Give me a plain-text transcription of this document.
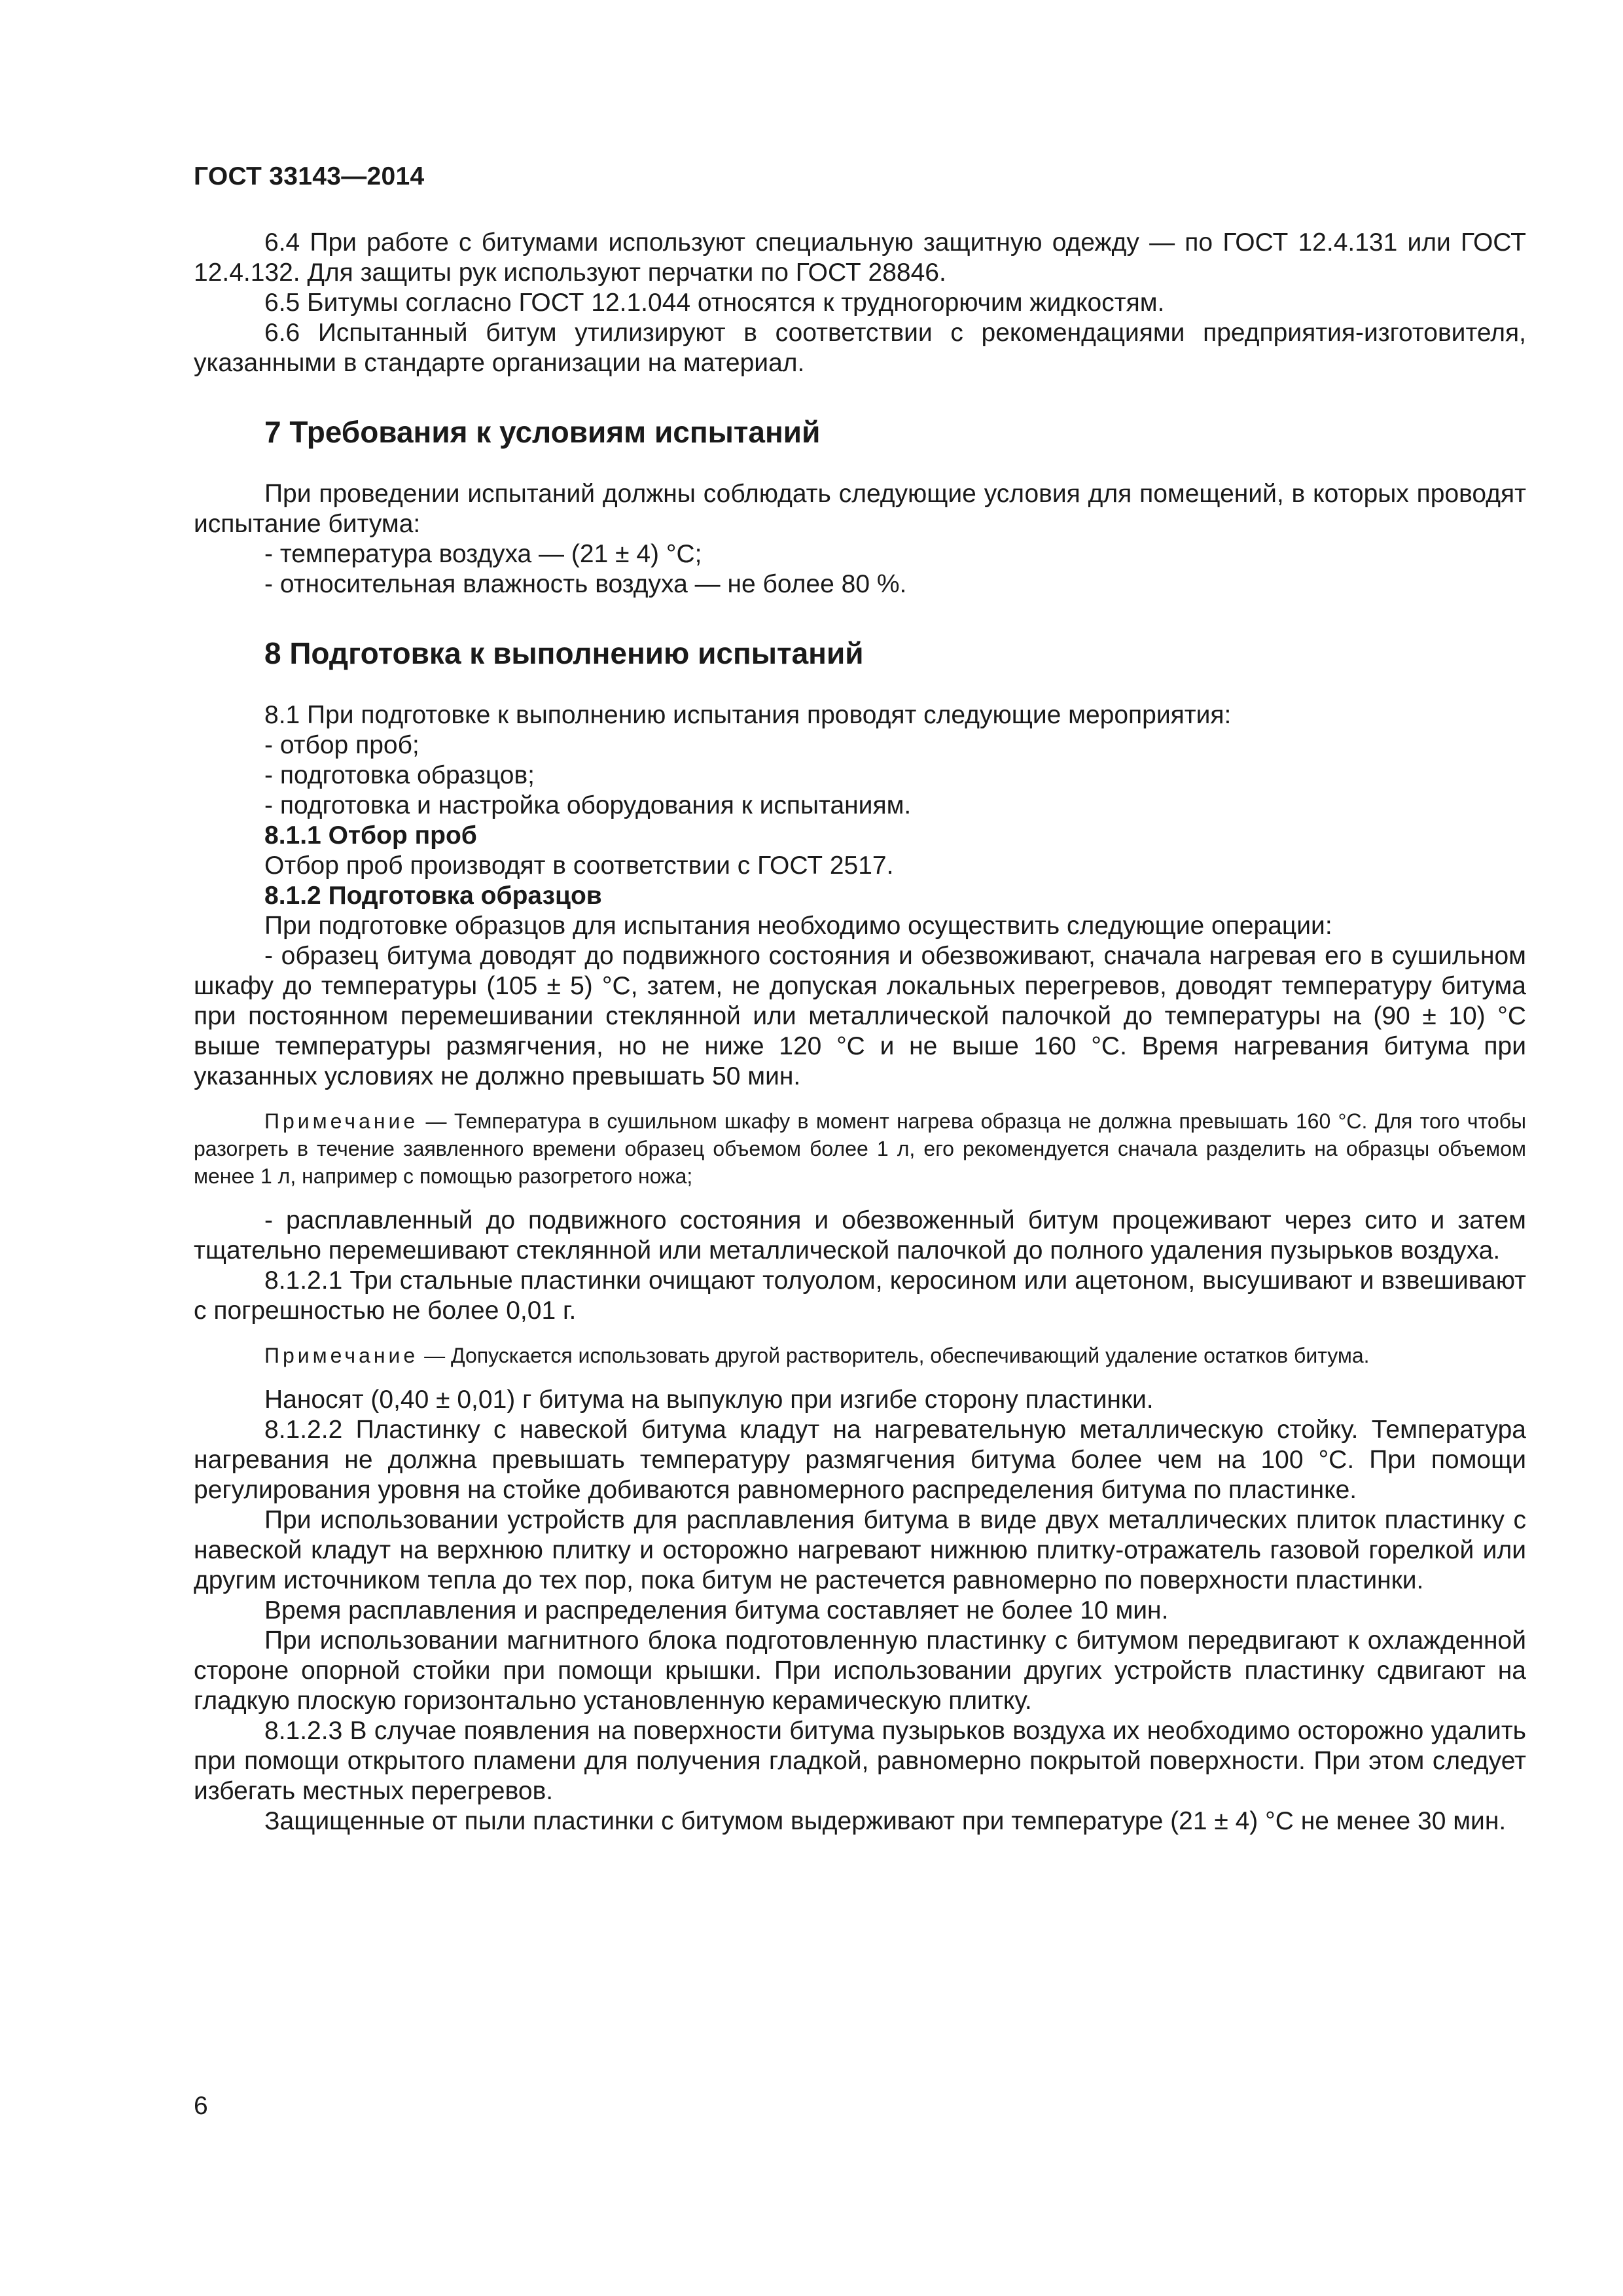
ГОСТ 33143—2014

6.4 При работе с битумами используют специальную защитную одежду — по ГОСТ 12.4.131 или ГОСТ 12.4.132. Для защиты рук используют перчатки по ГОСТ 28846.

6.5 Битумы согласно ГОСТ 12.1.044 относятся к трудногорючим жидкостям.

6.6 Испытанный битум утилизируют в соответствии с рекомендациями предприятия-изготовителя, указанными в стандарте организации на материал.

7 Требования к условиям испытаний

При проведении испытаний должны соблюдать следующие условия для помещений, в которых проводят испытание битума:

- температура воздуха — (21 ± 4) °С;

- относительная влажность воздуха — не более 80 %.

8 Подготовка к выполнению испытаний

8.1 При подготовке к выполнению испытания проводят следующие мероприятия:

- отбор проб;

- подготовка образцов;

- подготовка и настройка оборудования к испытаниям.

8.1.1 Отбор проб

Отбор проб производят в соответствии с ГОСТ 2517.

8.1.2 Подготовка образцов

При подготовке образцов для испытания необходимо осуществить следующие операции:

- образец битума доводят до подвижного состояния и обезвоживают, сначала нагревая его в сушильном шкафу до температуры (105 ± 5) °С, затем, не допуская локальных перегревов, доводят температуру битума при постоянном перемешивании стеклянной или металлической палочкой до температуры на (90 ± 10) °С выше температуры размягчения, но не ниже 120 °С и не выше 160 °С. Время нагревания битума при указанных условиях не должно превышать 50 мин.

Примечание — Температура в сушильном шкафу в момент нагрева образца не должна превышать 160 °С. Для того чтобы разогреть в течение заявленного времени образец объемом более 1 л, его рекомендуется сначала разделить на образцы объемом менее 1 л, например с помощью разогретого ножа;

- расплавленный до подвижного состояния и обезвоженный битум процеживают через сито и затем тщательно перемешивают стеклянной или металлической палочкой до полного удаления пузырьков воздуха.

8.1.2.1 Три стальные пластинки очищают толуолом, керосином или ацетоном, высушивают и взвешивают с погрешностью не более 0,01 г.

Примечание — Допускается использовать другой растворитель, обеспечивающий удаление остатков битума.

Наносят (0,40 ± 0,01) г битума на выпуклую при изгибе сторону пластинки.

8.1.2.2 Пластинку с навеской битума кладут на нагревательную металлическую стойку. Температура нагревания не должна превышать температуру размягчения битума более чем на 100 °С. При помощи регулирования уровня на стойке добиваются равномерного распределения битума по пластинке.

При использовании устройств для расплавления битума в виде двух металлических плиток пластинку с навеской кладут на верхнюю плитку и осторожно нагревают нижнюю плитку-отражатель газовой горелкой или другим источником тепла до тех пор, пока битум не растечется равномерно по поверхности пластинки.

Время расплавления и распределения битума составляет не более 10 мин.

При использовании магнитного блока подготовленную пластинку с битумом передвигают к охлажденной стороне опорной стойки при помощи крышки. При использовании других устройств пластинку сдвигают на гладкую плоскую горизонтально установленную керамическую плитку.

8.1.2.3 В случае появления на поверхности битума пузырьков воздуха их необходимо осторожно удалить при помощи открытого пламени для получения гладкой, равномерно покрытой поверхности. При этом следует избегать местных перегревов.

Защищенные от пыли пластинки с битумом выдерживают при температуре (21 ± 4) °С не менее 30 мин.

6
